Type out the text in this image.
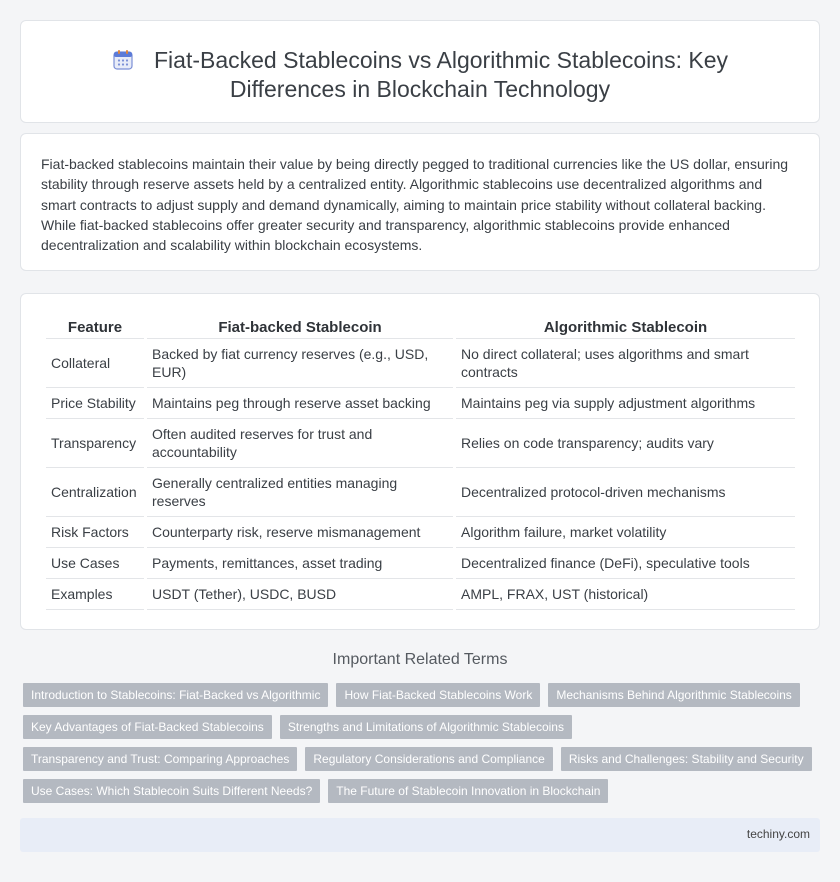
Fiat-Backed Stablecoins vs Algorithmic Stablecoins: Key
Differences in Blockchain Technology

Fiat-backed stablecoins maintain their value by being directly pegged to traditional currencies like the US dollar, ensuring stability through reserve assets held by a centralized entity. Algorithmic stablecoins use decentralized algorithms and smart contracts to adjust supply and demand dynamically, aiming to maintain price stability without collateral backing. While fiat-backed stablecoins offer greater security and transparency, algorithmic stablecoins provide enhanced decentralization and scalability within blockchain ecosystems.

Feature	Fiat-backed Stablecoin	Algorithmic Stablecoin
Collateral	Backed by fiat currency reserves (e.g., USD, EUR)	No direct collateral; uses algorithms and smart contracts
Price Stability	Maintains peg through reserve asset backing	Maintains peg via supply adjustment algorithms
Transparency	Often audited reserves for trust and accountability	Relies on code transparency; audits vary
Centralization	Generally centralized entities managing reserves	Decentralized protocol-driven mechanisms
Risk Factors	Counterparty risk, reserve mismanagement	Algorithm failure, market volatility
Use Cases	Payments, remittances, asset trading	Decentralized finance (DeFi), speculative tools
Examples	USDT (Tether), USDC, BUSD	AMPL, FRAX, UST (historical)
Important Related Terms
Introduction to Stablecoins: Fiat-Backed vs Algorithmic	How Fiat-Backed Stablecoins Work	Mechanisms Behind Algorithmic Stablecoins
Key Advantages of Fiat-Backed Stablecoins	Strengths and Limitations of Algorithmic Stablecoins
Transparency and Trust: Comparing Approaches	Regulatory Considerations and Compliance	Risks and Challenges: Stability and Security
Use Cases: Which Stablecoin Suits Different Needs?	The Future of Stablecoin Innovation in Blockchain
techiny.com
